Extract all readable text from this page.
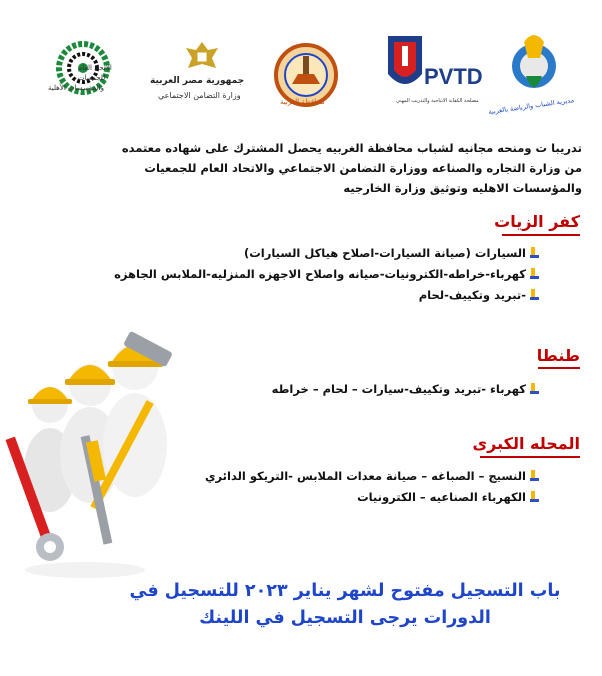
الاتحاد العام
للجمعيات
والمؤسسات الأهلية
جمهورية مصر العربية
وزارة التضامن الاجتماعي
محافظة الغربية
PVTD
مصلحة الكفاية الانتاجية والتدريب المهني مديرية الشباب والرياضة بالغربية
تدريبا ت ومنحه مجانيه لشباب محافظة الغربيه يحصل المشترك على شهاده معتمده
من وزارة التجاره والصناعه ووزارة التضامن الاجتماعي والاتحاد العام للجمعيات
والمؤسسات الاهليه وتوثيق وزارة الخارجيه
كفر الزيات
السيارات (صيانة السيارات-اصلاح هياكل السيارات)
كهرباء-خراطه-الكترونيات-صيانه واصلاح الاجهزه المنزليه-الملابس الجاهزه
-تبريد وتكييف-لحام
طنطا
كهرباء -تبريد وتكييف-سيارات – لحام – خراطه
المحله الكبرى
النسيج – الصباغه – صيانة معدات الملابس -التريكو الدائري
الكهرباء الصناعيه – الكترونيات
باب التسجيل مفتوح لشهر يناير ٢٠٢٣ للتسجيل في
الدورات يرجى التسجيل في اللينك
